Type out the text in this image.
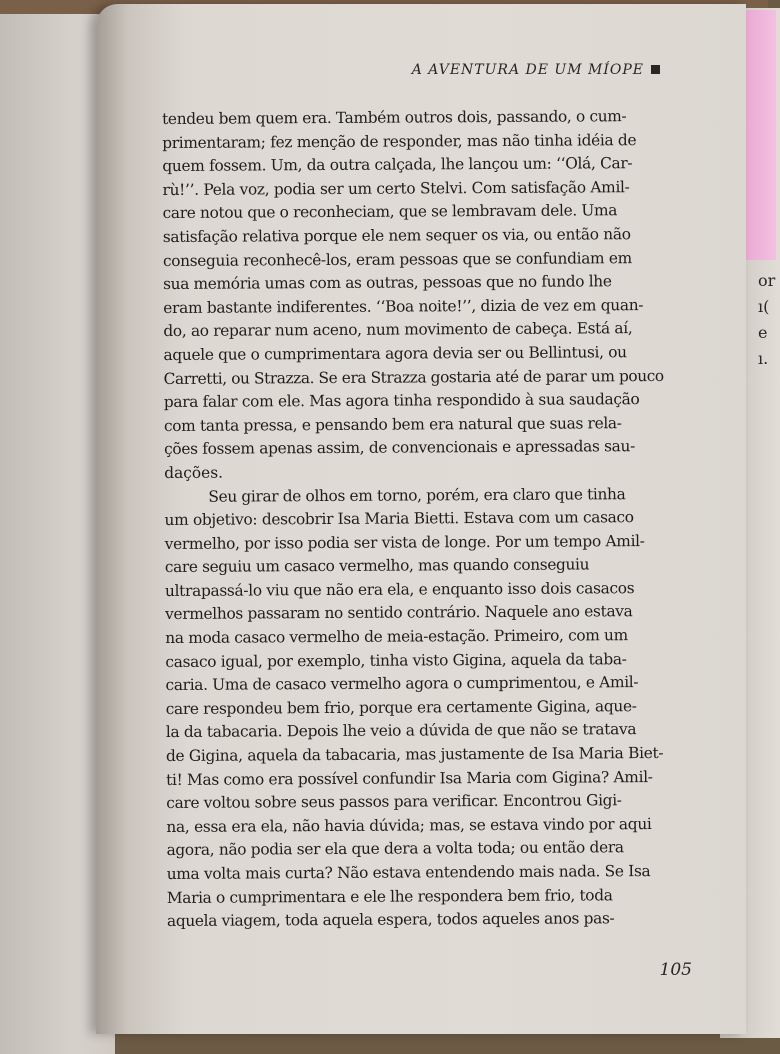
or
ı(
e
ı.
A AVENTURA DE UM MÍOPE
tendeu bem quem era. Também outros dois, passando, o cum-
primentaram; fez menção de responder, mas não tinha idéia de
quem fossem. Um, da outra calçada, lhe lançou um: ‘‘Olá, Car-
rù!’’. Pela voz, podia ser um certo Stelvi. Com satisfação Amil-
care notou que o reconheciam, que se lembravam dele. Uma
satisfação relativa porque ele nem sequer os via, ou então não
conseguia reconhecê-los, eram pessoas que se confundiam em
sua memória umas com as outras, pessoas que no fundo lhe
eram bastante indiferentes. ‘‘Boa noite!’’, dizia de vez em quan-
do, ao reparar num aceno, num movimento de cabeça. Está aí,
aquele que o cumprimentara agora devia ser ou Bellintusi, ou
Carretti, ou Strazza. Se era Strazza gostaria até de parar um pouco
para falar com ele. Mas agora tinha respondido à sua saudação
com tanta pressa, e pensando bem era natural que suas rela-
ções fossem apenas assim, de convencionais e apressadas sau-
dações.
Seu girar de olhos em torno, porém, era claro que tinha
um objetivo: descobrir Isa Maria Bietti. Estava com um casaco
vermelho, por isso podia ser vista de longe. Por um tempo Amil-
care seguiu um casaco vermelho, mas quando conseguiu
ultrapassá-lo viu que não era ela, e enquanto isso dois casacos
vermelhos passaram no sentido contrário. Naquele ano estava
na moda casaco vermelho de meia-estação. Primeiro, com um
casaco igual, por exemplo, tinha visto Gigina, aquela da taba-
caria. Uma de casaco vermelho agora o cumprimentou, e Amil-
care respondeu bem frio, porque era certamente Gigina, aque-
la da tabacaria. Depois lhe veio a dúvida de que não se tratava
de Gigina, aquela da tabacaria, mas justamente de Isa Maria Biet-
ti! Mas como era possível confundir Isa Maria com Gigina? Amil-
care voltou sobre seus passos para verificar. Encontrou Gigi-
na, essa era ela, não havia dúvida; mas, se estava vindo por aqui
agora, não podia ser ela que dera a volta toda; ou então dera
uma volta mais curta? Não estava entendendo mais nada. Se Isa
Maria o cumprimentara e ele lhe respondera bem frio, toda
aquela viagem, toda aquela espera, todos aqueles anos pas-
105
